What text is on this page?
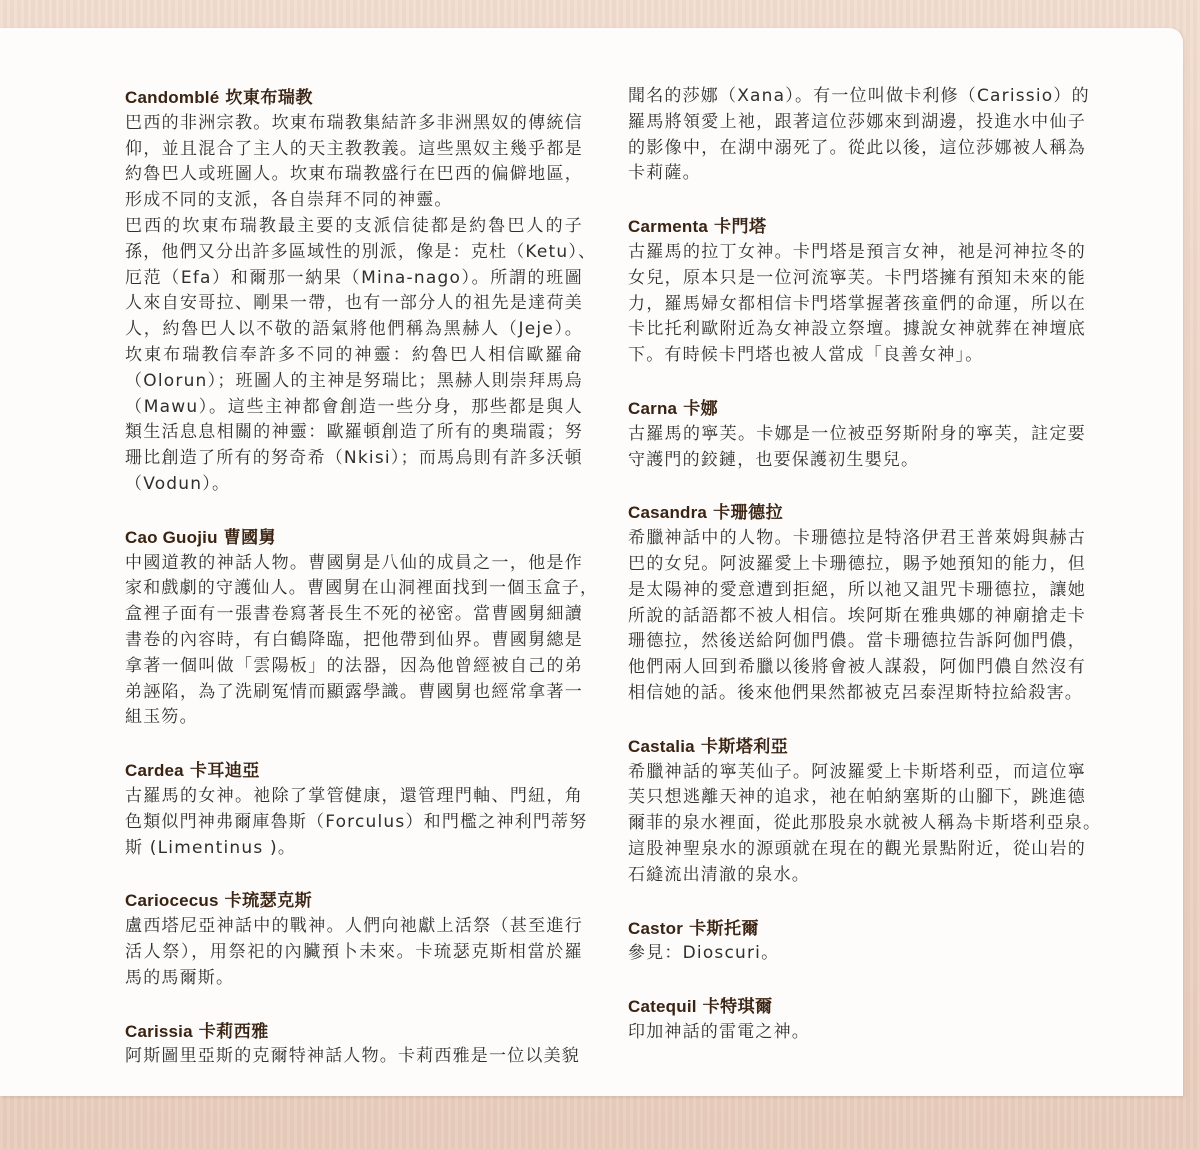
Candomblé 坎東布瑞教
巴西的非洲宗教。坎東布瑞教集結許多非洲黑奴的傳統信
仰，並且混合了主人的天主教教義。這些黑奴主幾乎都是
約魯巴人或班圖人。坎東布瑞教盛行在巴西的偏僻地區，
形成不同的支派，各自崇拜不同的神靈。
巴西的坎東布瑞教最主要的支派信徒都是約魯巴人的子
孫，他們又分出許多區域性的別派，像是：克杜（Ketu）、
厄范（Efa）和爾那一納果（Mina-nago）。所謂的班圖
人來自安哥拉、剛果一帶，也有一部分人的祖先是達荷美
人，約魯巴人以不敬的語氣將他們稱為黑赫人（Jeje）。
坎東布瑞教信奉許多不同的神靈：約魯巴人相信歐羅侖
（Olorun）；班圖人的主神是努瑞比；黑赫人則崇拜馬烏
（Mawu）。這些主神都會創造一些分身，那些都是與人
類生活息息相關的神靈：歐羅頓創造了所有的奧瑞霞；努
珊比創造了所有的努奇希（Nkisi）；而馬烏則有許多沃頓
（Vodun）。
Cao Guojiu 曹國舅
中國道教的神話人物。曹國舅是八仙的成員之一，他是作
家和戲劇的守護仙人。曹國舅在山洞裡面找到一個玉盒子，
盒裡子面有一張書卷寫著長生不死的祕密。當曹國舅細讀
書卷的內容時，有白鶴降臨，把他帶到仙界。曹國舅總是
拿著一個叫做「雲陽板」的法器，因為他曾經被自己的弟
弟誣陷，為了洗刷冤情而顯露學識。曹國舅也經常拿著一
組玉笏。
Cardea 卡耳迪亞
古羅馬的女神。祂除了掌管健康，還管理門軸、門紐，角
色類似門神弗爾庫魯斯（Forculus）和門檻之神利門蒂努
斯 (Limentinus )。
Cariocecus 卡琉瑟克斯
盧西塔尼亞神話中的戰神。人們向祂獻上活祭（甚至進行
活人祭），用祭祀的內臟預卜未來。卡琉瑟克斯相當於羅
馬的馬爾斯。
Carissia 卡莉西雅
阿斯圖里亞斯的克爾特神話人物。卡莉西雅是一位以美貌
聞名的莎娜（Xana）。有一位叫做卡利修（Carissio）的
羅馬將領愛上祂，跟著這位莎娜來到湖邊，投進水中仙子
的影像中，在湖中溺死了。從此以後，這位莎娜被人稱為
卡莉薩。
Carmenta 卡門塔
古羅馬的拉丁女神。卡門塔是預言女神，祂是河神拉冬的
女兒，原本只是一位河流寧芙。卡門塔擁有預知未來的能
力，羅馬婦女都相信卡門塔掌握著孩童們的命運，所以在
卡比托利歐附近為女神設立祭壇。據說女神就葬在神壇底
下。有時候卡門塔也被人當成「良善女神」。
Carna 卡娜
古羅馬的寧芙。卡娜是一位被亞努斯附身的寧芙，註定要
守護門的鉸鏈，也要保護初生嬰兒。
Casandra 卡珊德拉
希臘神話中的人物。卡珊德拉是特洛伊君王普萊姆與赫古
巴的女兒。阿波羅愛上卡珊德拉，賜予她預知的能力，但
是太陽神的愛意遭到拒絕，所以祂又詛咒卡珊德拉，讓她
所說的話語都不被人相信。埃阿斯在雅典娜的神廟搶走卡
珊德拉，然後送給阿伽門儂。當卡珊德拉告訴阿伽門儂，
他們兩人回到希臘以後將會被人謀殺，阿伽門儂自然沒有
相信她的話。後來他們果然都被克呂泰涅斯特拉給殺害。
Castalia 卡斯塔利亞
希臘神話的寧芙仙子。阿波羅愛上卡斯塔利亞，而這位寧
芙只想逃離天神的追求，祂在帕納塞斯的山腳下，跳進德
爾菲的泉水裡面，從此那股泉水就被人稱為卡斯塔利亞泉。
這股神聖泉水的源頭就在現在的觀光景點附近，從山岩的
石縫流出清澈的泉水。
Castor 卡斯托爾
參見：Dioscuri。
Catequil 卡特琪爾
印加神話的雷電之神。
